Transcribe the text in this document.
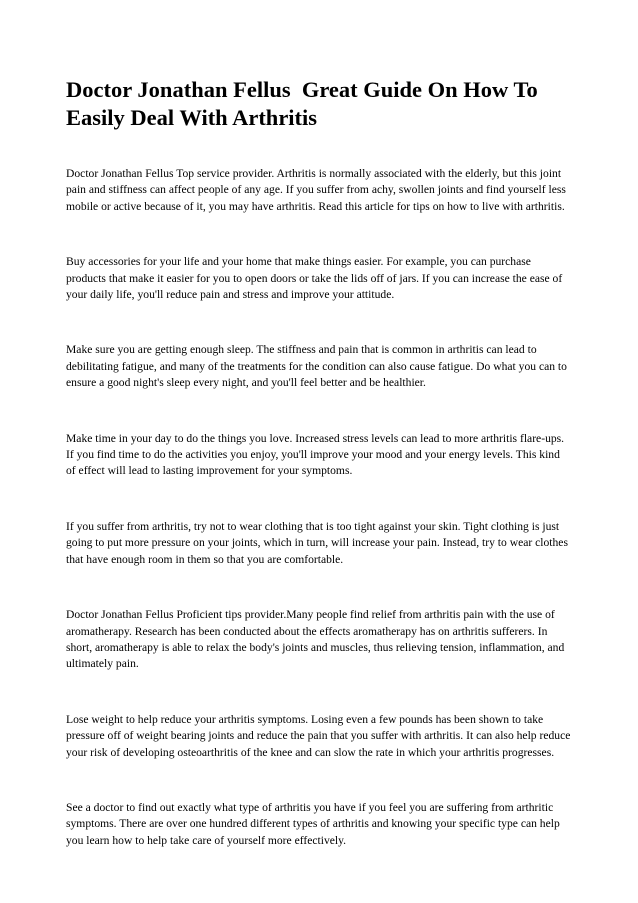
Doctor Jonathan Fellus  Great Guide On How To Easily Deal With Arthritis

Doctor Jonathan Fellus Top service provider. Arthritis is normally associated with the elderly, but this joint pain and stiffness can affect people of any age. If you suffer from achy, swollen joints and find yourself less mobile or active because of it, you may have arthritis. Read this article for tips on how to live with arthritis.

Buy accessories for your life and your home that make things easier. For example, you can purchase products that make it easier for you to open doors or take the lids off of jars. If you can increase the ease of your daily life, you'll reduce pain and stress and improve your attitude.

Make sure you are getting enough sleep. The stiffness and pain that is common in arthritis can lead to debilitating fatigue, and many of the treatments for the condition can also cause fatigue. Do what you can to ensure a good night's sleep every night, and you'll feel better and be healthier.

Make time in your day to do the things you love. Increased stress levels can lead to more arthritis flare-ups. If you find time to do the activities you enjoy, you'll improve your mood and your energy levels. This kind of effect will lead to lasting improvement for your symptoms.

If you suffer from arthritis, try not to wear clothing that is too tight against your skin. Tight clothing is just going to put more pressure on your joints, which in turn, will increase your pain. Instead, try to wear clothes that have enough room in them so that you are comfortable.

Doctor Jonathan Fellus Proficient tips provider.Many people find relief from arthritis pain with the use of aromatherapy. Research has been conducted about the effects aromatherapy has on arthritis sufferers. In short, aromatherapy is able to relax the body's joints and muscles, thus relieving tension, inflammation, and ultimately pain.

Lose weight to help reduce your arthritis symptoms. Losing even a few pounds has been shown to take pressure off of weight bearing joints and reduce the pain that you suffer with arthritis. It can also help reduce your risk of developing osteoarthritis of the knee and can slow the rate in which your arthritis progresses.

See a doctor to find out exactly what type of arthritis you have if you feel you are suffering from arthritic symptoms. There are over one hundred different types of arthritis and knowing your specific type can help you learn how to help take care of yourself more effectively.
